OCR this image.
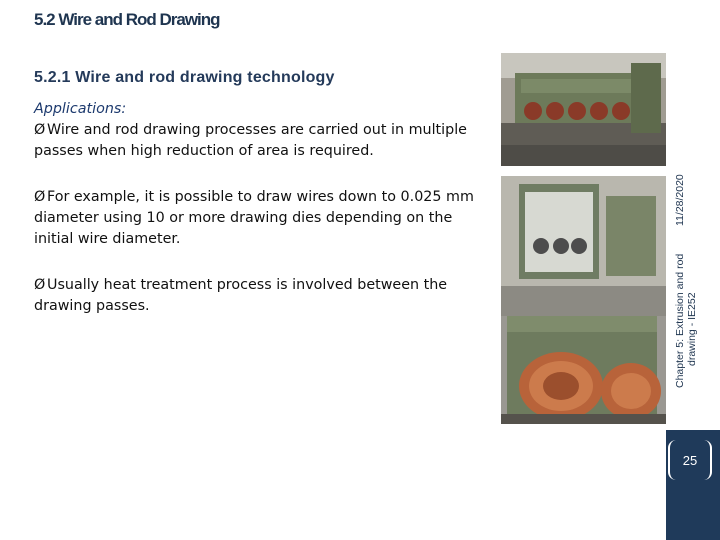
5.2 Wire and Rod Drawing
5.2.1 Wire and rod drawing technology
Applications:
Ø Wire and rod drawing processes are carried out in multiple passes when high reduction of area is required.
Ø For example, it is possible to draw wires down to 0.025 mm diameter using 10 or more drawing dies depending on the initial wire diameter.
Ø Usually heat treatment process is involved between the drawing passes.
11/28/2020
Chapter 5: Extrusion and rod drawing - IE252
25
